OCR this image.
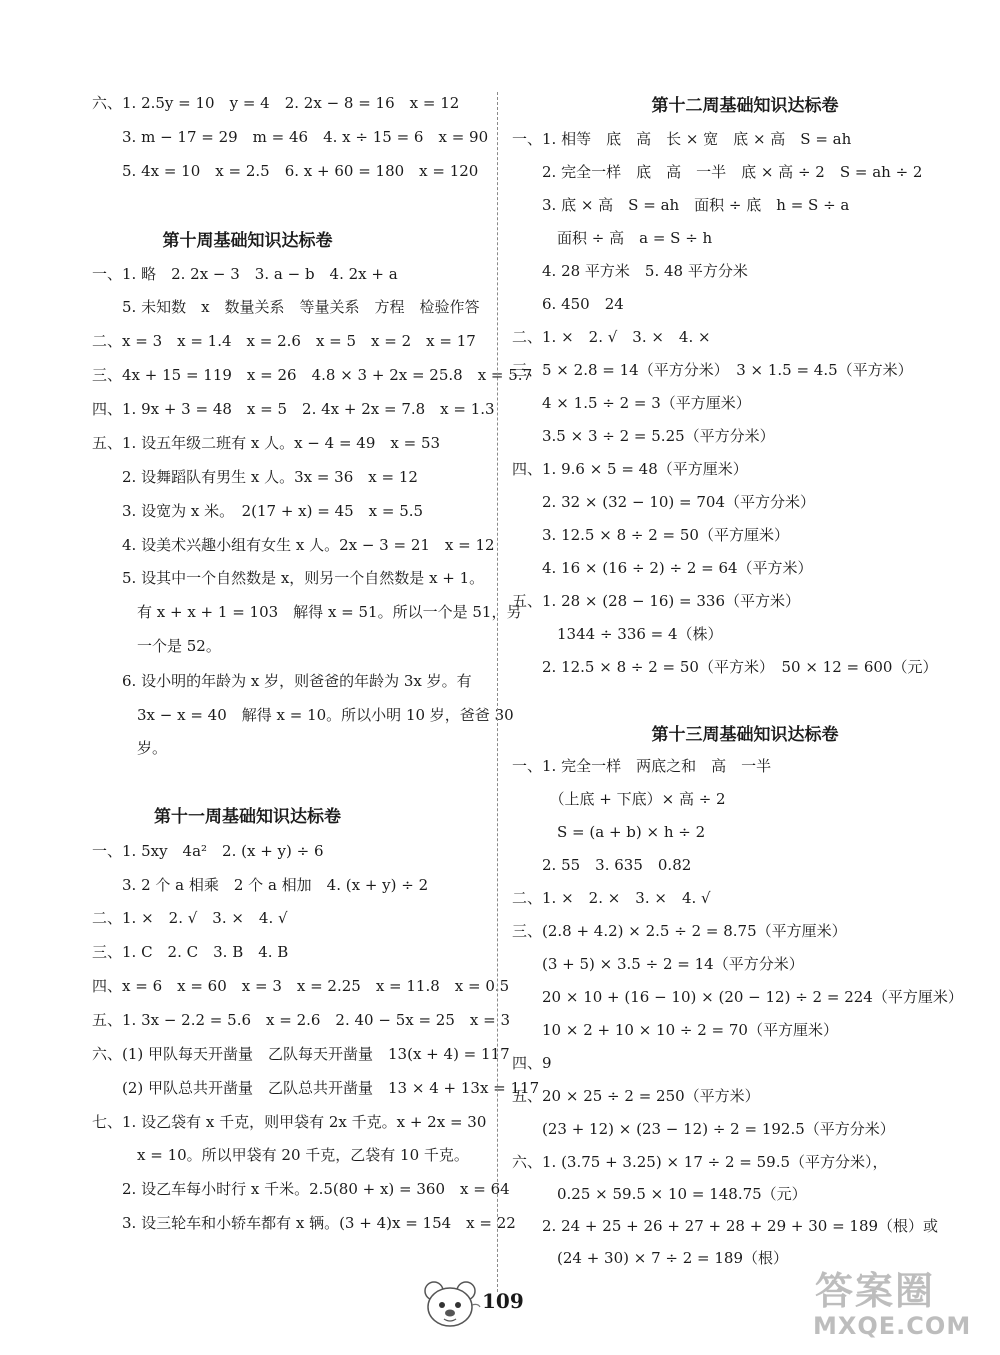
六、1. 2.5y = 10　y = 4　2. 2x − 8 = 16　x = 12
　　3. m − 17 = 29　m = 46　4. x ÷ 15 = 6　x = 90
　　5. 4x = 10　x = 2.5　6. x + 60 = 180　x = 120
第十周基础知识达标卷
一、1. 略　2. 2x − 3　3. a − b　4. 2x + a
　　5. 未知数　x　数量关系　等量关系　方程　检验作答
二、x = 3　x = 1.4　x = 2.6　x = 5　x = 2　x = 17
三、4x + 15 = 119　x = 26　4.8 × 3 + 2x = 25.8　x = 5.7
四、1. 9x + 3 = 48　x = 5　2. 4x + 2x = 7.8　x = 1.3
五、1. 设五年级二班有 x 人。x − 4 = 49　x = 53
　　2. 设舞蹈队有男生 x 人。3x = 36　x = 12
　　3. 设宽为 x 米。　2(17 + x) = 45　x = 5.5
　　4. 设美术兴趣小组有女生 x 人。2x − 3 = 21　x = 12
　　5. 设其中一个自然数是 x，则另一个自然数是 x + 1。
　　　有 x + x + 1 = 103　解得 x = 51。所以一个是 51，另
　　　一个是 52。
　　6. 设小明的年龄为 x 岁，则爸爸的年龄为 3x 岁。有
　　　3x − x = 40　解得 x = 10。所以小明 10 岁，爸爸 30
　　　岁。
第十一周基础知识达标卷
一、1. 5xy　4a²　2. (x + y) ÷ 6
　　3. 2 个 a 相乘　2 个 a 相加　4. (x + y) ÷ 2
二、1. ×　2. √　3. ×　4. √
三、1. C　2. C　3. B　4. B
四、x = 6　x = 60　x = 3　x = 2.25　x = 11.8　x = 0.5
五、1. 3x − 2.2 = 5.6　x = 2.6　2. 40 − 5x = 25　x = 3
六、(1) 甲队每天开凿量　乙队每天开凿量　13(x + 4) = 117
　　(2) 甲队总共开凿量　乙队总共开凿量　13 × 4 + 13x = 117
七、1. 设乙袋有 x 千克，则甲袋有 2x 千克。x + 2x = 30
　　　x = 10。所以甲袋有 20 千克，乙袋有 10 千克。
　　2. 设乙车每小时行 x 千米。2.5(80 + x) = 360　x = 64
　　3. 设三轮车和小轿车都有 x 辆。(3 + 4)x = 154　x = 22
第十二周基础知识达标卷
一、1. 相等　底　高　长 × 宽　底 × 高　S = ah
　　2. 完全一样　底　高　一半　底 × 高 ÷ 2　S = ah ÷ 2
　　3. 底 × 高　S = ah　面积 ÷ 底　h = S ÷ a
　　　面积 ÷ 高　a = S ÷ h
　　4. 28 平方米　5. 48 平方分米
　　6. 450　24
二、1. ×　2. √　3. ×　4. ×
三、5 × 2.8 = 14（平方分米）　3 × 1.5 = 4.5（平方米）
　　4 × 1.5 ÷ 2 = 3（平方厘米）
　　3.5 × 3 ÷ 2 = 5.25（平方分米）
四、1. 9.6 × 5 = 48（平方厘米）
　　2. 32 × (32 − 10) = 704（平方分米）
　　3. 12.5 × 8 ÷ 2 = 50（平方厘米）
　　4. 16 × (16 ÷ 2) ÷ 2 = 64（平方米）
五、1. 28 × (28 − 16) = 336（平方米）
　　　1344 ÷ 336 = 4（株）
　　2. 12.5 × 8 ÷ 2 = 50（平方米）　50 × 12 = 600（元）
第十三周基础知识达标卷
一、1. 完全一样　两底之和　高　一半
　　　（上底 + 下底）× 高 ÷ 2
　　　S = (a + b) × h ÷ 2
　　2. 55　3. 635　0.82
二、1. ×　2. ×　3. ×　4. √
三、(2.8 + 4.2) × 2.5 ÷ 2 = 8.75（平方厘米）
　　(3 + 5) × 3.5 ÷ 2 = 14（平方分米）
　　20 × 10 + (16 − 10) × (20 − 12) ÷ 2 = 224（平方厘米）
　　10 × 2 + 10 × 10 ÷ 2 = 70（平方厘米）
四、9
五、20 × 25 ÷ 2 = 250（平方米）
　　(23 + 12) × (23 − 12) ÷ 2 = 192.5（平方分米）
六、1. (3.75 + 3.25) × 17 ÷ 2 = 59.5（平方分米），
　　　0.25 × 59.5 × 10 = 148.75（元）
　　2. 24 + 25 + 26 + 27 + 28 + 29 + 30 = 189（根）或
　　　(24 + 30) × 7 ÷ 2 = 189（根）
109	答案圈
MXQE.COM
